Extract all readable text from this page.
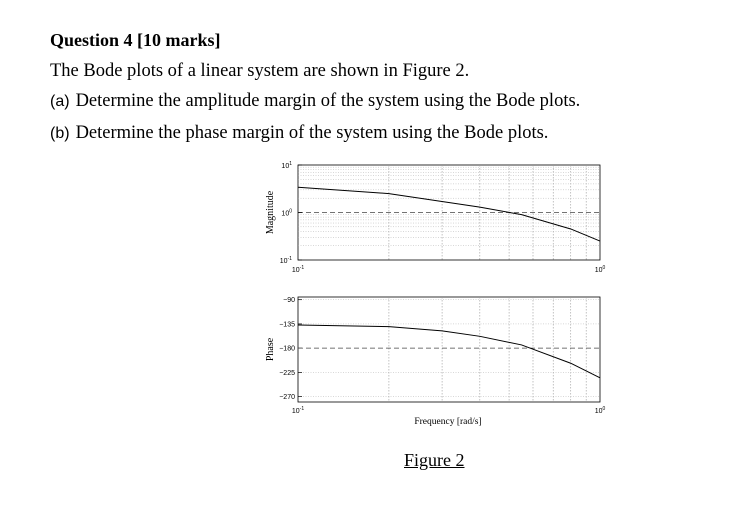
Question 4 [10 marks]
The Bode plots of a linear system are shown in Figure 2.
(a) Determine the amplitude margin of the system using the Bode plots.
(b) Determine the phase margin of the system using the Bode plots.
$10^1$
$10^0$
$10^{-1}$
$10^{-1}$	$10^0$
Magnitude
−90
−135
−180
−225
−270
$10^{-1}$	$10^0$
Phase
Frequency [rad/s]
Figure 2
